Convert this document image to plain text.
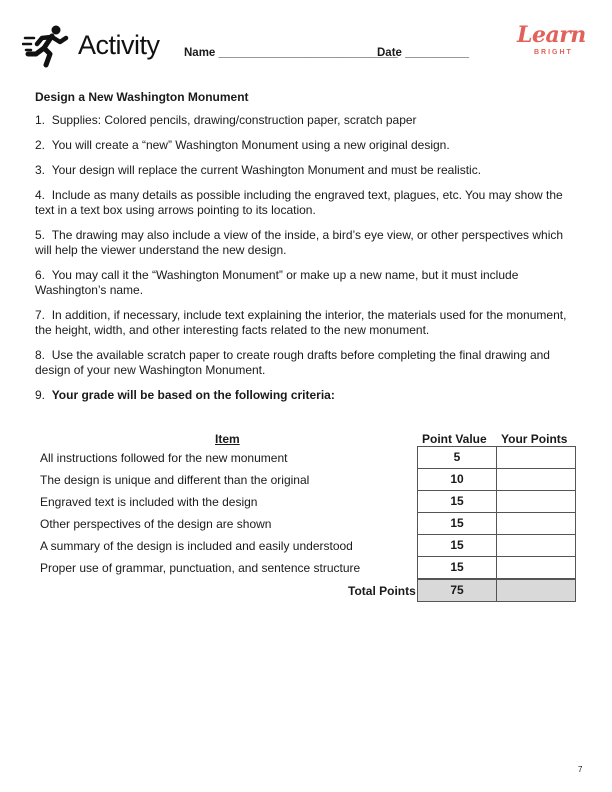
Activity Name ____________________________
Date __________
Learn
BRIGHT
Design a New Washington Monument
1. Supplies: Colored pencils, drawing/construction paper, scratch paper
2. You will create a “new” Washington Monument using a new original design.
3. Your design will replace the current Washington Monument and must be realistic.
4. Include as many details as possible including the engraved text, plagues, etc. You may show the text in a text box using arrows pointing to its location.
5. The drawing may also include a view of the inside, a bird’s eye view, or other perspectives which will help the viewer understand the new design.
6. You may call it the “Washington Monument” or make up a new name, but it must include Washington’s name.
7. In addition, if necessary, include text explaining the interior, the materials used for the monument, the height, width, and other interesting facts related to the new monument.
8. Use the available scratch paper to create rough drafts before completing the final drawing and design of your new Washington Monument.
9. Your grade will be based on the following criteria:
Item	Point Value Your Points
All instructions followed for the new monument
The design is unique and different than the original
Engraved text is included with the design
Other perspectives of the design are shown
A summary of the design is included and easily understood
Proper use of grammar, punctuation, and sentence structure
Total Points
5
10
15
15
15
15
75
7
